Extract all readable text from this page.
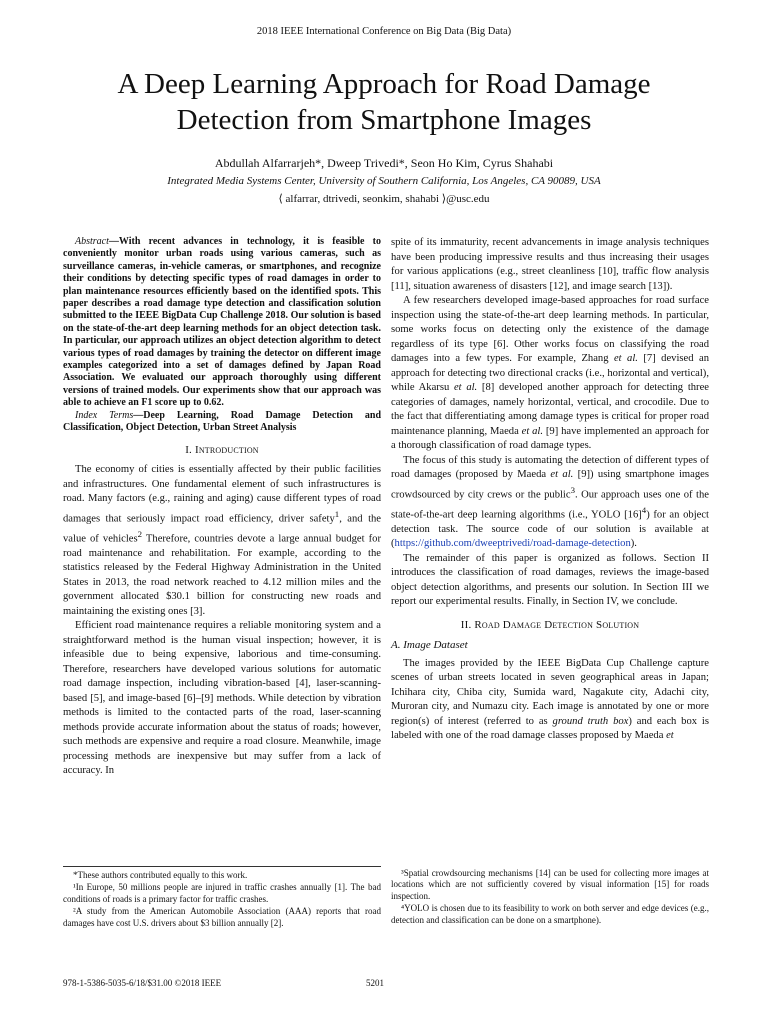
2018 IEEE International Conference on Big Data (Big Data)
A Deep Learning Approach for Road Damage
Detection from Smartphone Images
Abdullah Alfarrarjeh*, Dweep Trivedi*, Seon Ho Kim, Cyrus Shahabi
Integrated Media Systems Center, University of Southern California, Los Angeles, CA 90089, USA
⟨ alfarrar, dtrivedi, seonkim, shahabi ⟩@usc.edu

Abstract—With recent advances in technology, it is feasible to conveniently monitor urban roads using various cameras, such as surveillance cameras, in-vehicle cameras, or smartphones, and recognize their conditions by detecting specific types of road damages in order to plan maintenance resources efficiently based on the identified spots. This paper describes a road damage type detection and classification solution submitted to the IEEE BigData Cup Challenge 2018. Our solution is based on the state-of-the-art deep learning methods for an object detection task. In particular, our approach utilizes an object detection algorithm to detect various types of road damages by training the detector on different image examples categorized into a set of damages defined by Japan Road Association. We evaluated our approach thoroughly using different versions of trained models. Our experiments show that our approach was able to achieve an F1 score up to 0.62.

Index Terms—Deep Learning, Road Damage Detection and Classification, Object Detection, Urban Street Analysis

I. Introduction

The economy of cities is essentially affected by their public facilities and infrastructures. One fundamental element of such infrastructures is road. Many factors (e.g., raining and aging) cause different types of road damages that seriously impact road efficiency, driver safety$^1$, and the value of vehicles$^2$ Therefore, countries devote a large annual budget for road maintenance and rehabilitation. For example, according to the statistics released by the Federal Highway Administration in the United States in 2013, the road network reached to 4.12 million miles and the government allocated $30.1 billion for constructing new roads and maintaining the existing ones [3].

Efficient road maintenance requires a reliable monitoring system and a straightforward method is the human visual inspection; however, it is infeasible due to being expensive, laborious and time-consuming. Therefore, researchers have developed various solutions for automatic road damage inspection, including vibration-based [4], laser-scanning-based [5], and image-based [6]–[9] methods. While detection by vibration methods is limited to the contacted parts of the road, laser-scanning methods provide accurate information about the status of roads; however, such methods are expensive and require a road closure. Meanwhile, image processing methods are inexpensive but may suffer from a lack of accuracy. In

spite of its immaturity, recent advancements in image analysis techniques have been producing impressive results and thus increasing their usages for various applications (e.g., street cleanliness [10], traffic flow analysis [11], situation awareness of disasters [12], and image search [13]).

A few researchers developed image-based approaches for road surface inspection using the state-of-the-art deep learning methods. In particular, some works focus on detecting only the existence of the damage regardless of its type [6]. Other works focus on classifying the road damages into a few types. For example, Zhang et al. [7] devised an approach for detecting two directional cracks (i.e., horizontal and vertical), while Akarsu et al. [8] developed another approach for detecting three categories of damages, namely horizontal, vertical, and crocodile. Due to the fact that differentiating among damage types is critical for proper road maintenance planning, Maeda et al. [9] have implemented an approach for a thorough classification of road damage types.

The focus of this study is automating the detection of different types of road damages (proposed by Maeda et al. [9]) using smartphone images crowdsourced by city crews or the public$^3$. Our approach uses one of the state-of-the-art deep learning algorithms (i.e., YOLO $[16]^4$) for an object detection task. The source code of our solution is available at (https://github.com/dweeptrivedi/road-damage-detection).

The remainder of this paper is organized as follows. Section II introduces the classification of road damages, reviews the image-based object detection algorithms, and presents our solution. In Section III we report our experimental results. Finally, in Section IV, we conclude.

II. Road Damage Detection Solution
A. Image Dataset

The images provided by the IEEE BigData Cup Challenge capture scenes of urban streets located in seven geographical areas in Japan; Ichihara city, Chiba city, Sumida ward, Nagakute city, Adachi city, Muroran city, and Numazu city. Each image is annotated by one or more region(s) of interest (referred to as ground truth box) and each box is labeled with one of the road damage classes proposed by Maeda et

*These authors contributed equally to this work.

¹In Europe, 50 millions people are injured in traffic crashes annually [1]. The bad conditions of roads is a primary factor for traffic crashes.

²A study from the American Automobile Association (AAA) reports that road damages have cost U.S. drivers about $3 billion annually [2].

³Spatial crowdsourcing mechanisms [14] can be used for collecting more images at locations which are not sufficiently covered by visual information [15] for roads inspection.

⁴YOLO is chosen due to its feasibility to work on both server and edge devices (e.g., detection and classification can be done on a smartphone).

978-1-5386-5035-6/18/$31.00 ©2018 IEEE	5201
